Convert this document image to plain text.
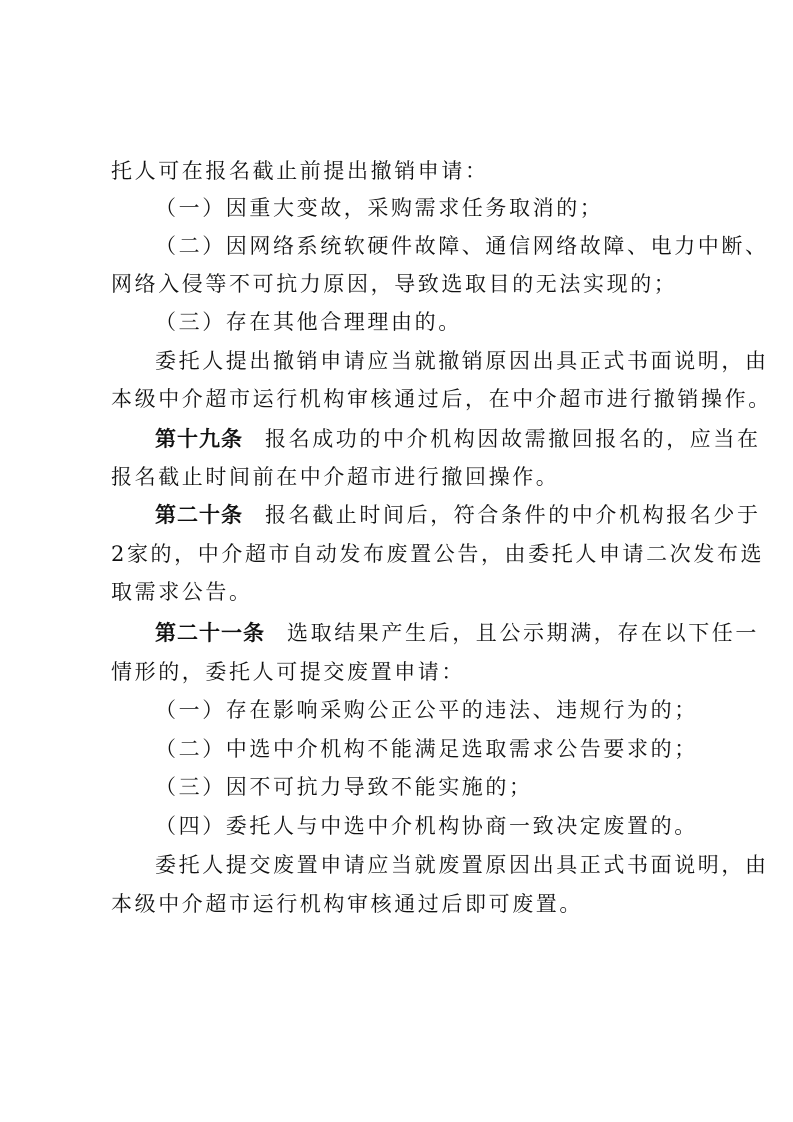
托人可在报名截止前提出撤销申请：
（一）因重大变故，采购需求任务取消的；
（二）因网络系统软硬件故障、通信网络故障、电力中断、
网络入侵等不可抗力原因，导致选取目的无法实现的；
（三）存在其他合理理由的。
委托人提出撤销申请应当就撤销原因出具正式书面说明，由
本级中介超市运行机构审核通过后，在中介超市进行撤销操作。
第十九条 报名成功的中介机构因故需撤回报名的，应当在
报名截止时间前在中介超市进行撤回操作。
第二十条 报名截止时间后，符合条件的中介机构报名少于
2家的，中介超市自动发布废置公告，由委托人申请二次发布选
取需求公告。
第二十一条 选取结果产生后，且公示期满，存在以下任一
情形的，委托人可提交废置申请：
（一）存在影响采购公正公平的违法、违规行为的；
（二）中选中介机构不能满足选取需求公告要求的；
（三）因不可抗力导致不能实施的；
（四）委托人与中选中介机构协商一致决定废置的。
委托人提交废置申请应当就废置原因出具正式书面说明，由
本级中介超市运行机构审核通过后即可废置。
